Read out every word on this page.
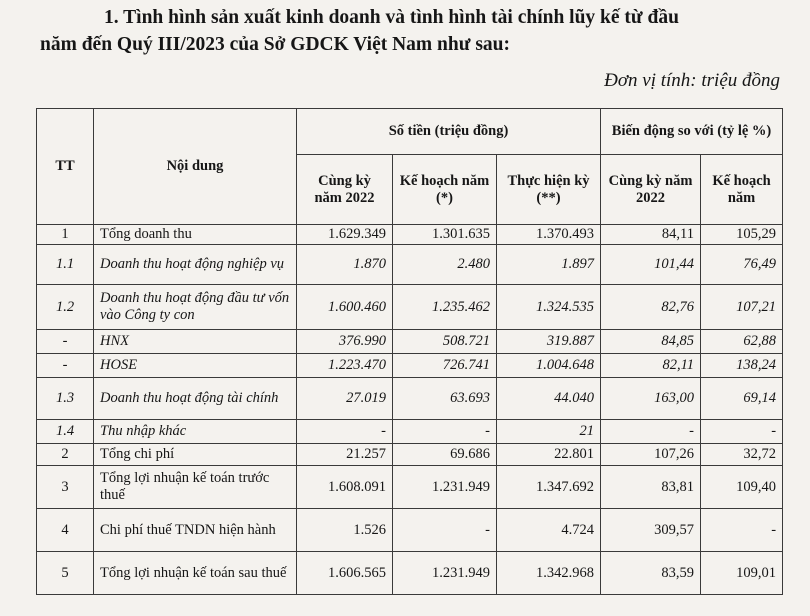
1. Tình hình sản xuất kinh doanh và tình hình tài chính lũy kế từ đầu
năm đến Quý III/2023 của Sở GDCK Việt Nam như sau:
Đơn vị tính: triệu đồng
TT	Nội dung	Số tiền (triệu đồng)			Biến động so với (tỷ lệ %)	
		Cùng kỳ năm 2022	Kế hoạch năm (*)	Thực hiện kỳ (**)	Cùng kỳ năm 2022	Kế hoạch năm
1	Tổng doanh thu	1.629.349	1.301.635	1.370.493	84,11	105,29
1.1	Doanh thu hoạt động nghiệp vụ	1.870	2.480	1.897	101,44	76,49
1.2	Doanh thu hoạt động đầu tư vốn vào Công ty con	1.600.460	1.235.462	1.324.535	82,76	107,21
-	HNX	376.990	508.721	319.887	84,85	62,88
-	HOSE	1.223.470	726.741	1.004.648	82,11	138,24
1.3	Doanh thu hoạt động tài chính	27.019	63.693	44.040	163,00	69,14
1.4	Thu nhập khác	-	-	21	-	-
2	Tổng chi phí	21.257	69.686	22.801	107,26	32,72
3	Tổng lợi nhuận kế toán trước thuế	1.608.091	1.231.949	1.347.692	83,81	109,40
4	Chi phí thuế TNDN hiện hành	1.526	-	4.724	309,57	-
5	Tổng lợi nhuận kế toán sau thuế	1.606.565	1.231.949	1.342.968	83,59	109,01
